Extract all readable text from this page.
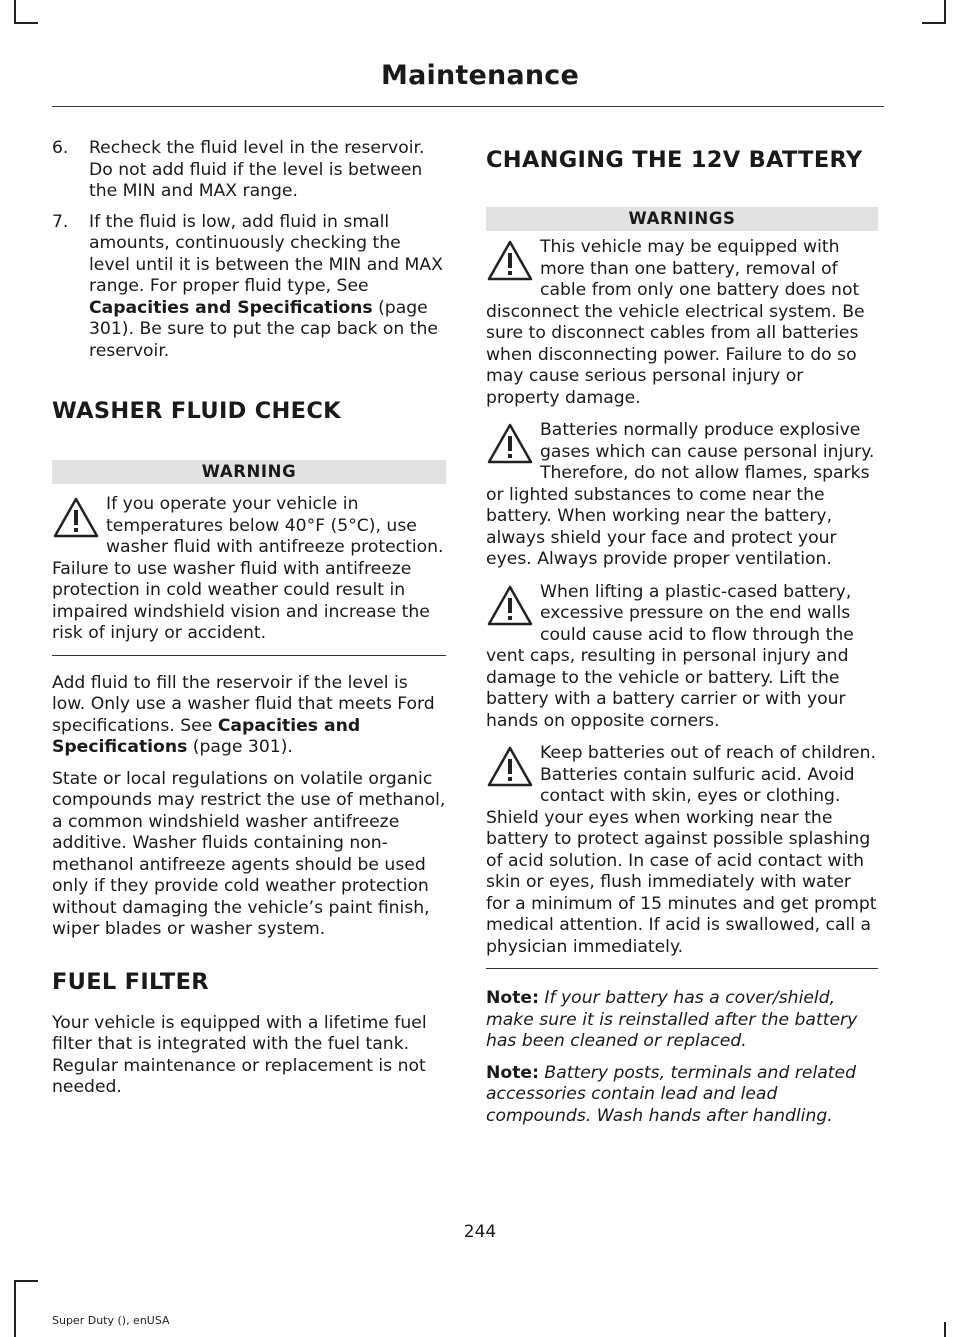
Maintenance
6.	Recheck the fluid level in the reservoir. Do not add fluid if the level is between the MIN and MAX range.
7.	If the fluid is low, add fluid in small amounts, continuously checking the level until it is between the MIN and MAX range. For proper fluid type, See Capacities and Specifications (page 301). Be sure to put the cap back on the reservoir.
WASHER FLUID CHECK
WARNING

If you operate your vehicle in temperatures below 40°F (5°C), use washer fluid with antifreeze protection. Failure to use washer fluid with antifreeze protection in cold weather could result in impaired windshield vision and increase the risk of injury or accident.

Add fluid to fill the reservoir if the level is low. Only use a washer fluid that meets Ford specifications. See Capacities and Specifications (page 301).

State or local regulations on volatile organic compounds may restrict the use of methanol, a common windshield washer antifreeze additive. Washer fluids containing non-methanol antifreeze agents should be used only if they provide cold weather protection without damaging the vehicle’s paint finish, wiper blades or washer system.

FUEL FILTER

Your vehicle is equipped with a lifetime fuel filter that is integrated with the fuel tank. Regular maintenance or replacement is not needed.

CHANGING THE 12V BATTERY
WARNINGS

This vehicle may be equipped with more than one battery, removal of cable from only one battery does not disconnect the vehicle electrical system. Be sure to disconnect cables from all batteries when disconnecting power. Failure to do so may cause serious personal injury or property damage.

Batteries normally produce explosive gases which can cause personal injury. Therefore, do not allow flames, sparks or lighted substances to come near the battery. When working near the battery, always shield your face and protect your eyes. Always provide proper ventilation.

When lifting a plastic-cased battery, excessive pressure on the end walls could cause acid to flow through the vent caps, resulting in personal injury and damage to the vehicle or battery. Lift the battery with a battery carrier or with your hands on opposite corners.

Keep batteries out of reach of children. Batteries contain sulfuric acid. Avoid contact with skin, eyes or clothing. Shield your eyes when working near the battery to protect against possible splashing of acid solution. In case of acid contact with skin or eyes, flush immediately with water for a minimum of 15 minutes and get prompt medical attention. If acid is swallowed, call a physician immediately.

Note: If your battery has a cover/shield, make sure it is reinstalled after the battery has been cleaned or replaced.

Note: Battery posts, terminals and related accessories contain lead and lead compounds. Wash hands after handling.

244
Super Duty (), enUSA
